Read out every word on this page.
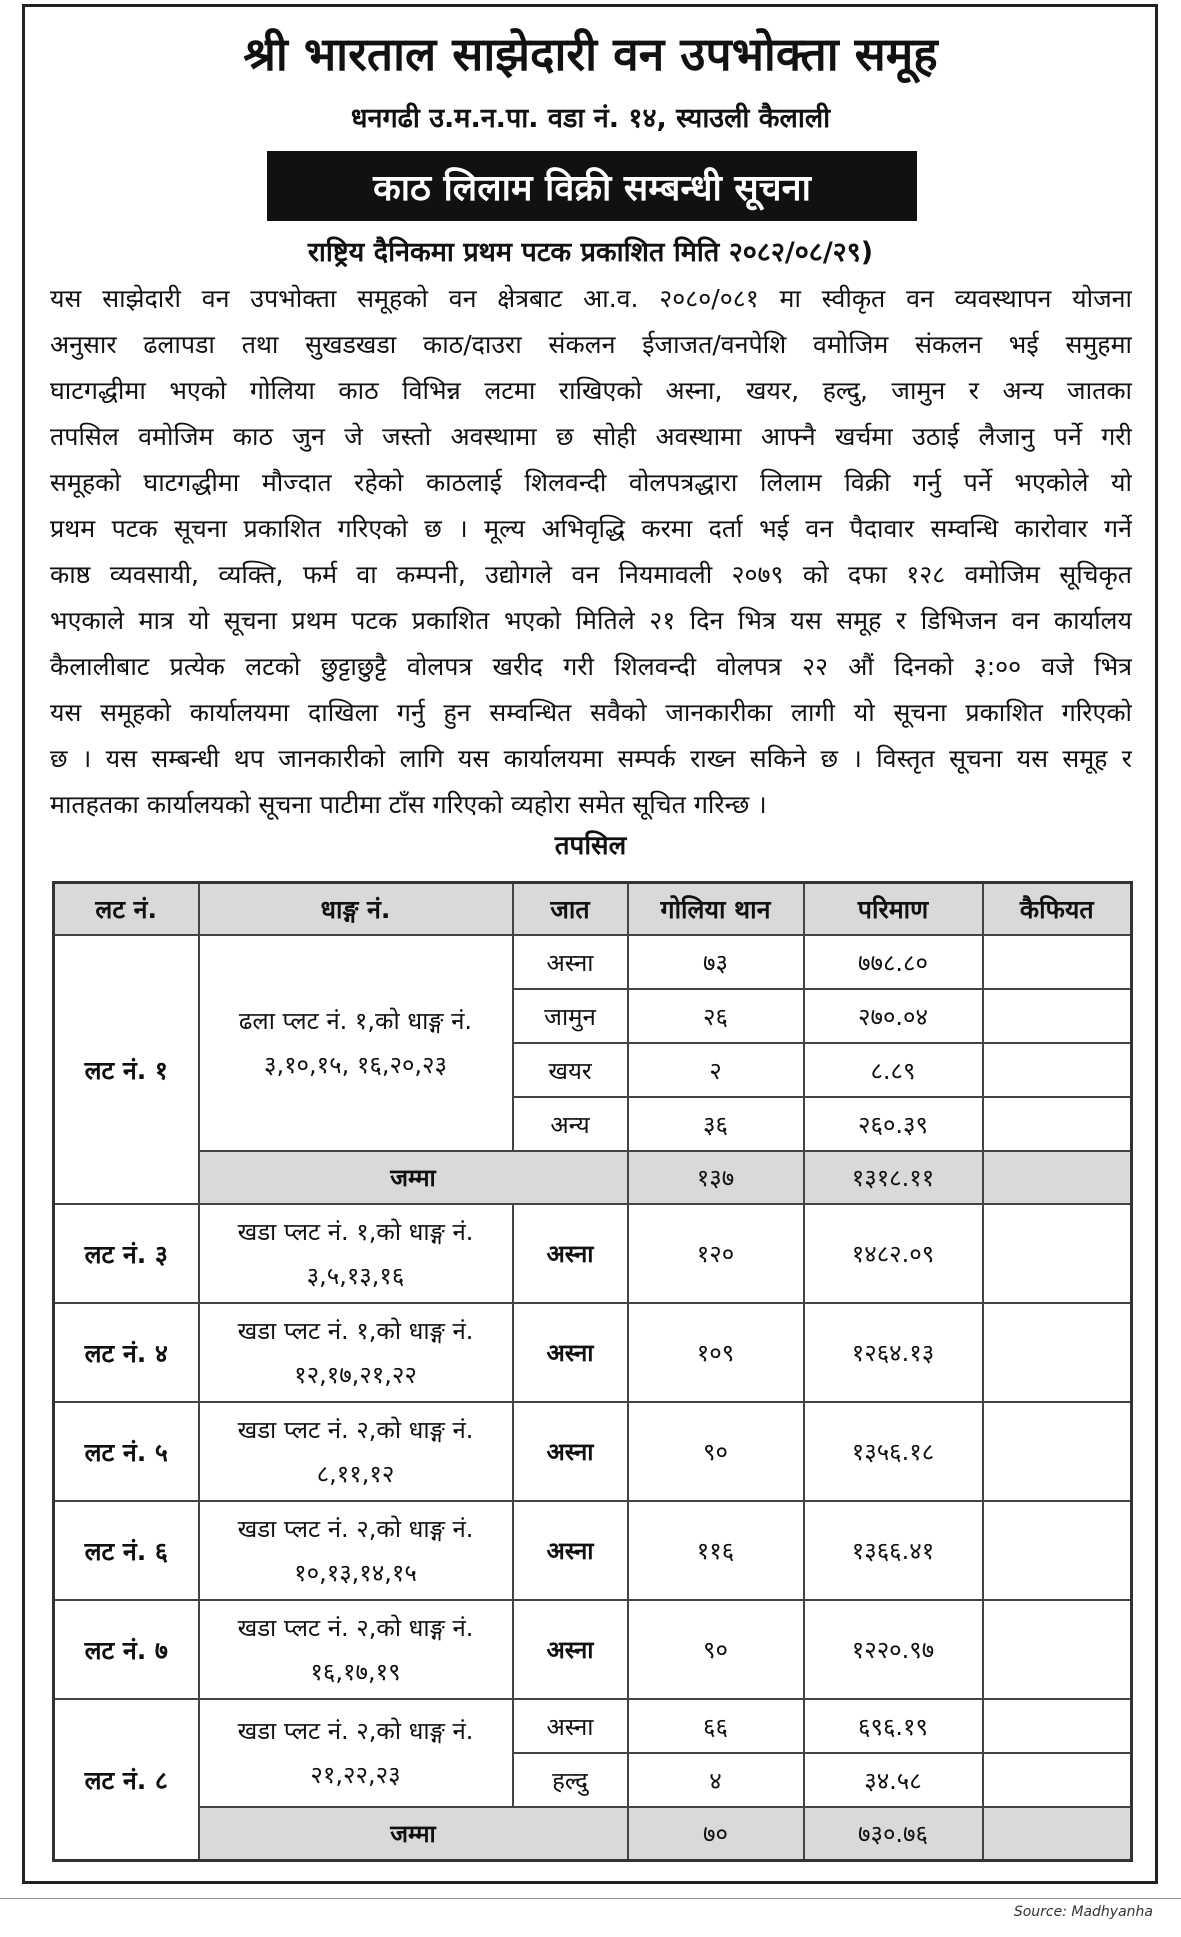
श्री भारताल साझेदारी वन उपभोक्ता समूह
धनगढी उ.म.न.पा. वडा नं. १४, स्याउली कैलाली
काठ लिलाम विक्री सम्बन्धी सूचना
राष्ट्रिय दैनिकमा प्रथम पटक प्रकाशित मिति २०८२/०८/२९)
यस साझेदारी वन उपभोक्ता समूहको वन क्षेत्रबाट आ.व. २०८०/०८१ मा स्वीकृत वन व्यवस्थापन योजना
अनुसार ढलापडा तथा सुखडखडा काठ/दाउरा संकलन ईजाजत/वनपेशि वमोजिम संकलन भई समुहमा
घाटगद्धीमा भएको गोलिया काठ विभिन्न लटमा राखिएको अस्ना, खयर, हल्दु, जामुन र अन्य जातका
तपसिल वमोजिम काठ जुन जे जस्तो अवस्थामा छ सोही अवस्थामा आफ्नै खर्चमा उठाई लैजानु पर्ने गरी
समूहको घाटगद्धीमा मौज्दात रहेको काठलाई शिलवन्दी वोलपत्रद्धारा लिलाम विक्री गर्नु पर्ने भएकोले यो
प्रथम पटक सूचना प्रकाशित गरिएको छ । मूल्य अभिवृद्धि करमा दर्ता भई वन पैदावार सम्वन्धि कारोवार गर्ने
काष्ठ व्यवसायी, व्यक्ति, फर्म वा कम्पनी, उद्योगले वन नियमावली २०७९ को दफा १२८ वमोजिम सूचिकृत
भएकाले मात्र यो सूचना प्रथम पटक प्रकाशित भएको मितिले २१ दिन भित्र यस समूह र डिभिजन वन कार्यालय
कैलालीबाट प्रत्येक लटको छुट्टाछुट्टै वोलपत्र खरीद गरी शिलवन्दी वोलपत्र २२ औं दिनको ३:०० वजे भित्र
यस समूहको कार्यालयमा दाखिला गर्नु हुन सम्वन्धित सवैको जानकारीका लागी यो सूचना प्रकाशित गरिएको
छ । यस सम्बन्धी थप जानकारीको लागि यस कार्यालयमा सम्पर्क राख्न सकिने छ । विस्तृत सूचना यस समूह र
मातहतका कार्यालयको सूचना पाटीमा टाँस गरिएको व्यहोरा समेत सूचित गरिन्छ ।
तपसिल
लट नं.	धाङ्ग नं.	जात	गोलिया थान	परिमाण	कैफियत
लट नं. १	ढला प्लट नं. १,को धाङ्ग नं. ३,१०,१५, १६,२०,२३	अस्ना	७३	७७८.८०	
		जामुन	२६	२७०.०४	
		खयर	२	८.८९	
		अन्य	३६	२६०.३९	
	जम्मा		१३७	१३१८.११	
लट नं. ३	खडा प्लट नं. १,को धाङ्ग नं. ३,५,१३,१६	अस्ना	१२०	१४८२.०९	
लट नं. ४	खडा प्लट नं. १,को धाङ्ग नं. १२,१७,२१,२२	अस्ना	१०९	१२६४.१३	
लट नं. ५	खडा प्लट नं. २,को धाङ्ग नं. ८,११,१२	अस्ना	९०	१३५६.१८	
लट नं. ६	खडा प्लट नं. २,को धाङ्ग नं. १०,१३,१४,१५	अस्ना	११६	१३६६.४१	
लट नं. ७	खडा प्लट नं. २,को धाङ्ग नं. १६,१७,१९	अस्ना	९०	१२२०.९७	
लट नं. ८	खडा प्लट नं. २,को धाङ्ग नं. २१,२२,२३	अस्ना	६६	६९६.१९	
		हल्दु	४	३४.५८	
	जम्मा		७०	७३०.७६	
Source: Madhyanha
